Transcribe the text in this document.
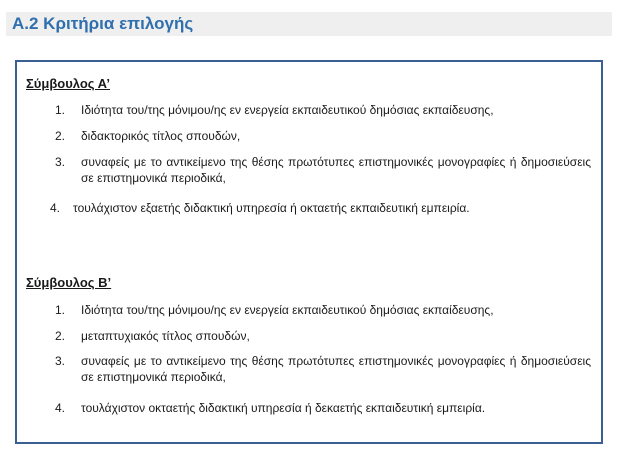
A.2 Κριτήρια επιλογής
Σύμβουλος Α’
1. Ιδιότητα του/της μόνιμου/ης εν ενεργεία εκπαιδευτικού δημόσιας εκπαίδευσης,
2. διδακτορικός τίτλος σπουδών,
3. συναφείς με το αντικείμενο της θέσης πρωτότυπες επιστημονικές μονογραφίες ή δημοσιεύσεις σε επιστημονικά περιοδικά,
4. τουλάχιστον εξαετής διδακτική υπηρεσία ή οκταετής εκπαιδευτική εμπειρία.
Σύμβουλος Β’
1. Ιδιότητα του/της μόνιμου/ης εν ενεργεία εκπαιδευτικού δημόσιας εκπαίδευσης,
2. μεταπτυχιακός τίτλος σπουδών,
3. συναφείς με το αντικείμενο της θέσης πρωτότυπες επιστημονικές μονογραφίες ή δημοσιεύσεις σε επιστημονικά περιοδικά,
4. τουλάχιστον οκταετής διδακτική υπηρεσία ή δεκαετής εκπαιδευτική εμπειρία.
